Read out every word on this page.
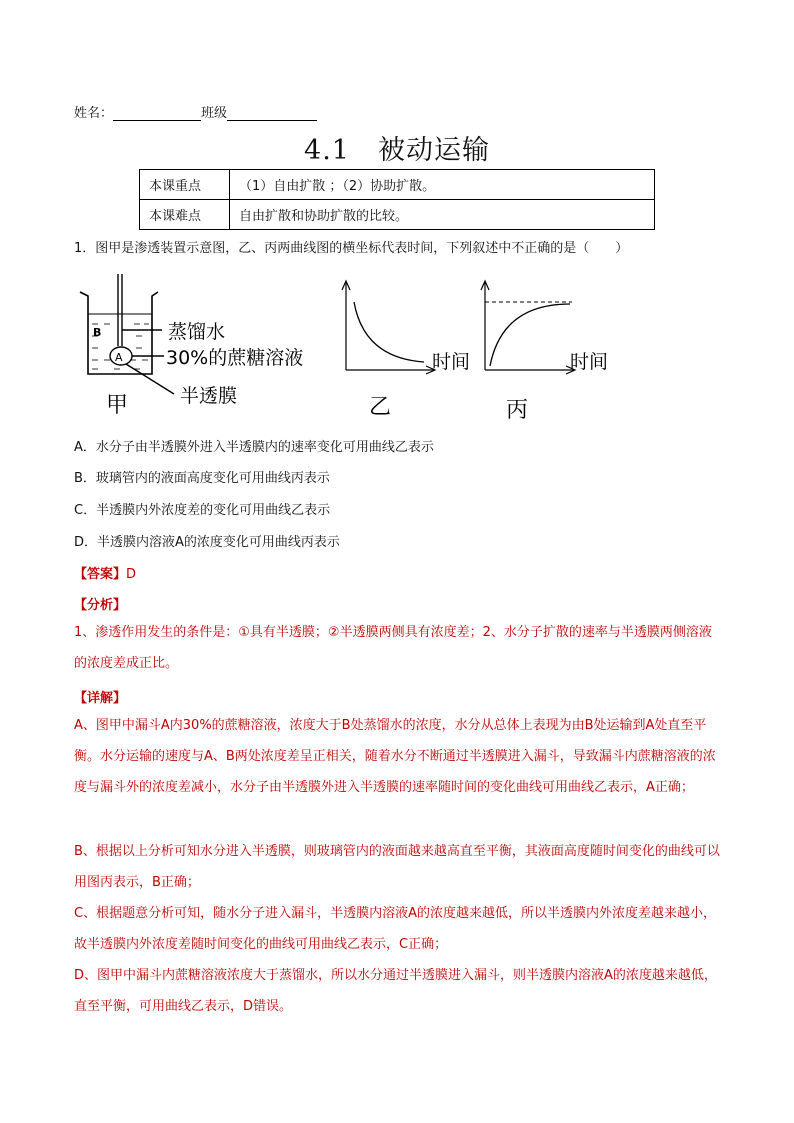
姓名：	班级
4.1　被动运输
本课重点	（1）自由扩散 ；（2）协助扩散。
本课难点	自由扩散和协助扩散的比较。
1．图甲是渗透装置示意图，乙、丙两曲线图的横坐标代表时间，下列叙述中不正确的是（　　）
A
B	蒸馏水
30%的蔗糖溶液
半透膜
甲
时间
乙
时间
丙
A．水分子由半透膜外进入半透膜内的速率变化可用曲线乙表示
B．玻璃管内的液面高度变化可用曲线丙表示
C．半透膜内外浓度差的变化可用曲线乙表示
D．半透膜内溶液A的浓度变化可用曲线丙表示
【答案】D
【分析】
1、渗透作用发生的条件是：①具有半透膜；②半透膜两侧具有浓度差；2、水分子扩散的速率与半透膜两侧溶液的浓度差成正比。
【详解】
A、图甲中漏斗A内30%的蔗糖溶液，浓度大于B处蒸馏水的浓度，水分从总体上表现为由B处运输到A处直至平衡。水分运输的速度与A、B两处浓度差呈正相关，随着水分不断通过半透膜进入漏斗，导致漏斗内蔗糖溶液的浓度与漏斗外的浓度差减小，水分子由半透膜外进入半透膜的速率随时间的变化曲线可用曲线乙表示，A正确；
B、根据以上分析可知水分进入半透膜，则玻璃管内的液面越来越高直至平衡，其液面高度随时间变化的曲线可以用图丙表示，B正确；
C、根据题意分析可知，随水分子进入漏斗，半透膜内溶液A的浓度越来越低，所以半透膜内外浓度差越来越小，故半透膜内外浓度差随时间变化的曲线可用曲线乙表示，C正确；
D、图甲中漏斗内蔗糖溶液浓度大于蒸馏水，所以水分通过半透膜进入漏斗，则半透膜内溶液A的浓度越来越低，直至平衡，可用曲线乙表示，D错误。
